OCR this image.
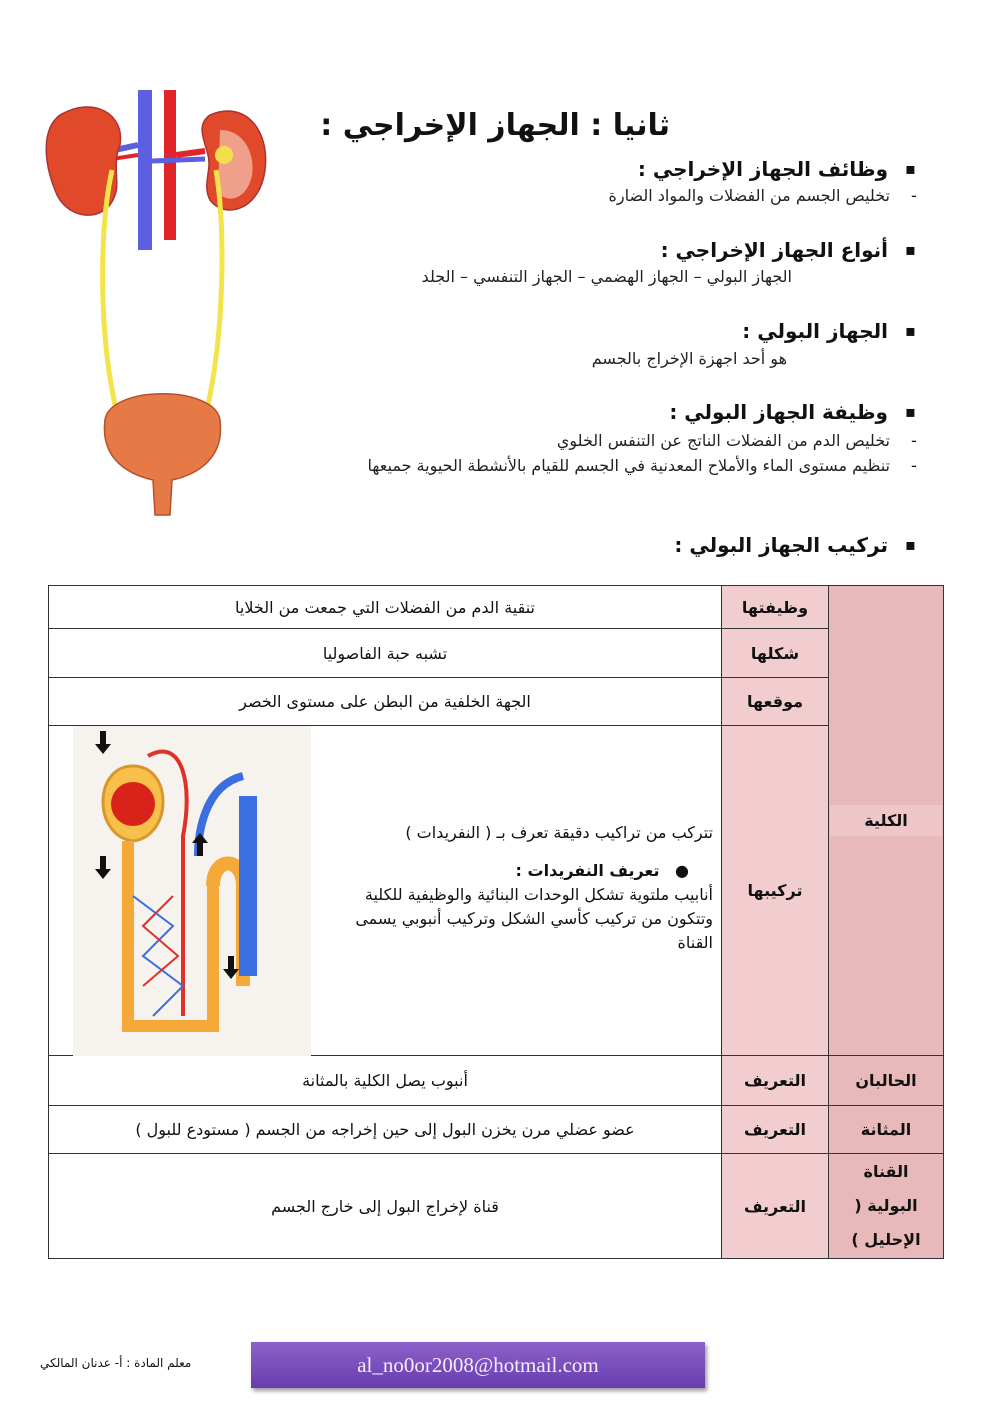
ثانيا : الجهاز الإخراجي :
وظائف الجهاز الإخراجي : ▪
-
تخليص الجسم من الفضلات والمواد الضارة
أنواع الجهاز الإخراجي : ▪
الجهاز البولي – الجهاز الهضمي – الجهاز التنفسي – الجلد
الجهاز البولي : ▪
هو أحد اجهزة الإخراج بالجسم
وظيفة الجهاز البولي : ▪
-
تخليص الدم من الفضلات الناتج عن التنفس الخلوي
-
تنظيم مستوى الماء والأملاح المعدنية في الجسم للقيام بالأنشطة الحيوية جميعها
تركيب الجهاز البولي : ▪
الكلية	وظيفتها	تنقية الدم من الفضلات التي جمعت من الخلايا
	شكلها	تشبه حبة الفاصوليا
	موقعها	الجهة الخلفية من البطن على مستوى الخصر
	تركيبها	تتركب من تراكيب دقيقة تعرف بـ ( النفريدات )
● تعريف النفريدات :
أنابيب ملتوية تشكل الوحدات البنائية والوظيفية للكلية وتتكون من تركيب كأسي الشكل وتركيب أنبوبي يسمى القناة

الحالبان	التعريف	أنبوب يصل الكلية بالمثانة
المثانة	التعريف	عضو عضلي مرن يخزن البول إلى حين إخراجه من الجسم ( مستودع للبول )

القناة البولية ( الإحليل )	التعريف	قناة لإخراج البول إلى خارج الجسم
معلم المادة : أ- عدنان المالكي	al_no0or2008@hotmail.com
